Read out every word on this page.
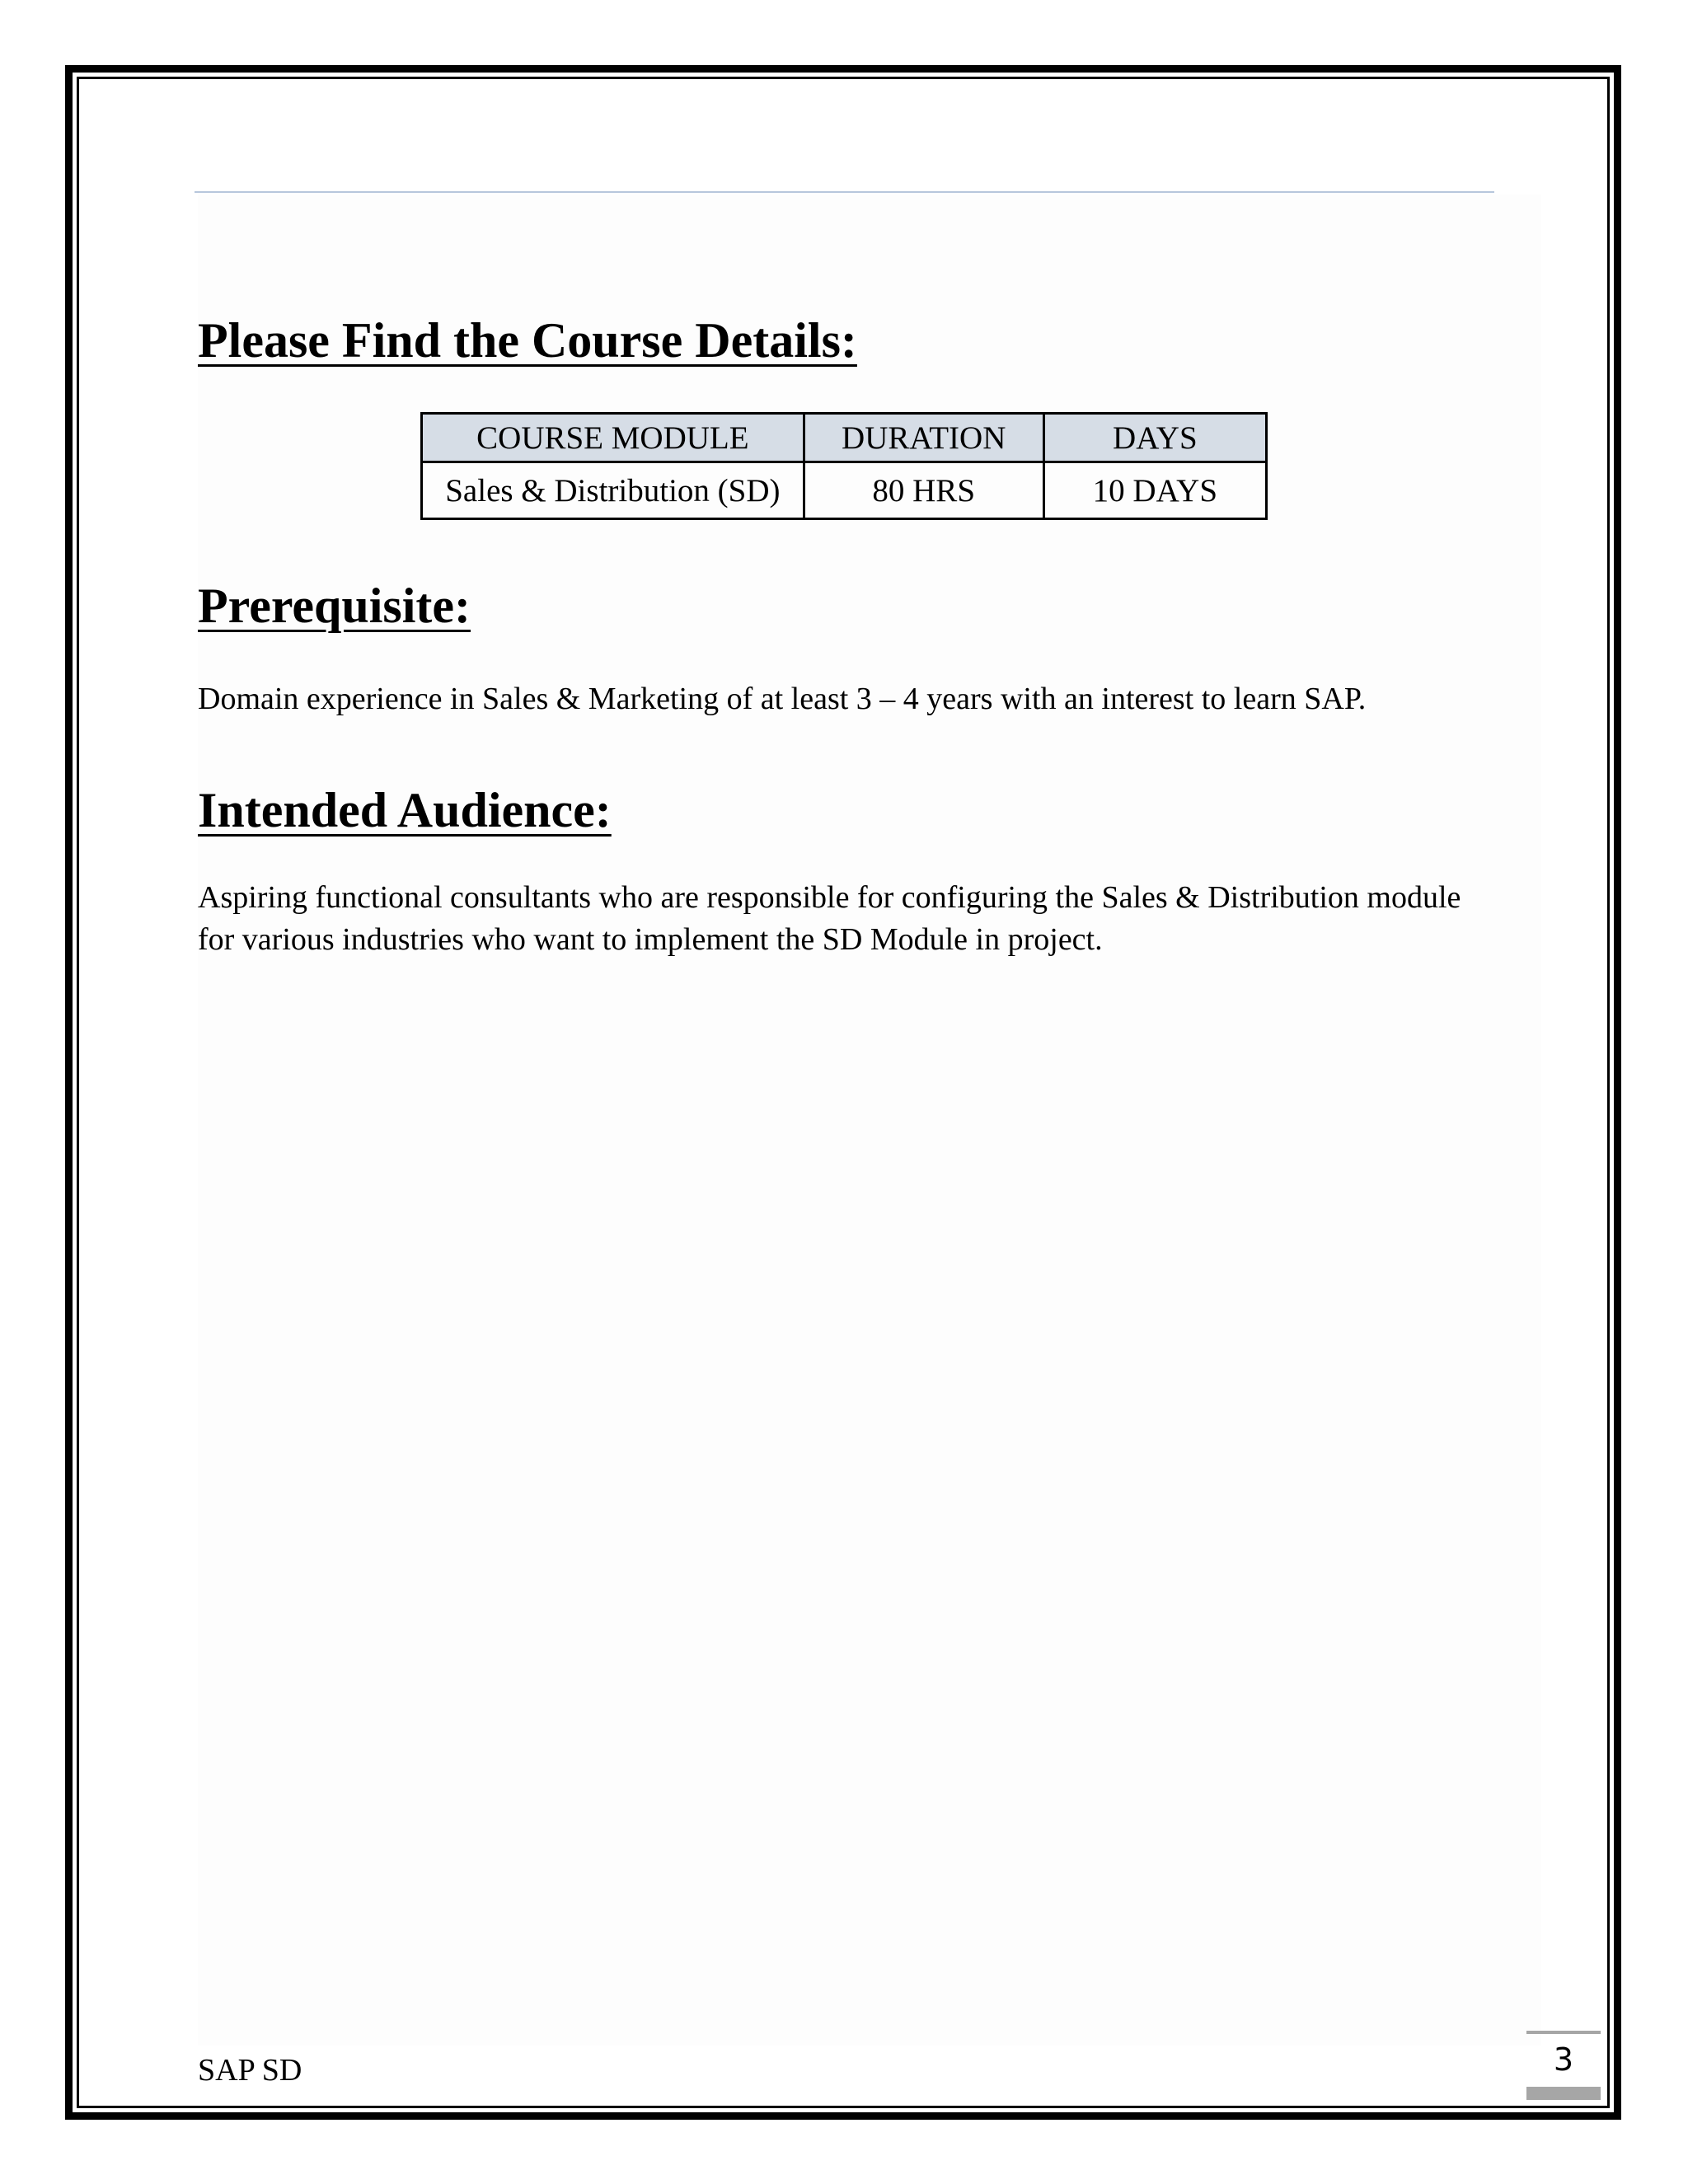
Please Find the Course Details:
COURSE MODULE	DURATION	DAYS
Sales & Distribution (SD)	80 HRS	10 DAYS
Prerequisite:

Domain experience in Sales & Marketing of at least 3 – 4 years with an interest to learn SAP.

Intended Audience:

Aspiring functional consultants who are responsible for configuring the Sales & Distribution module for various industries who want to implement the SD Module in project.

SAP SD	3
